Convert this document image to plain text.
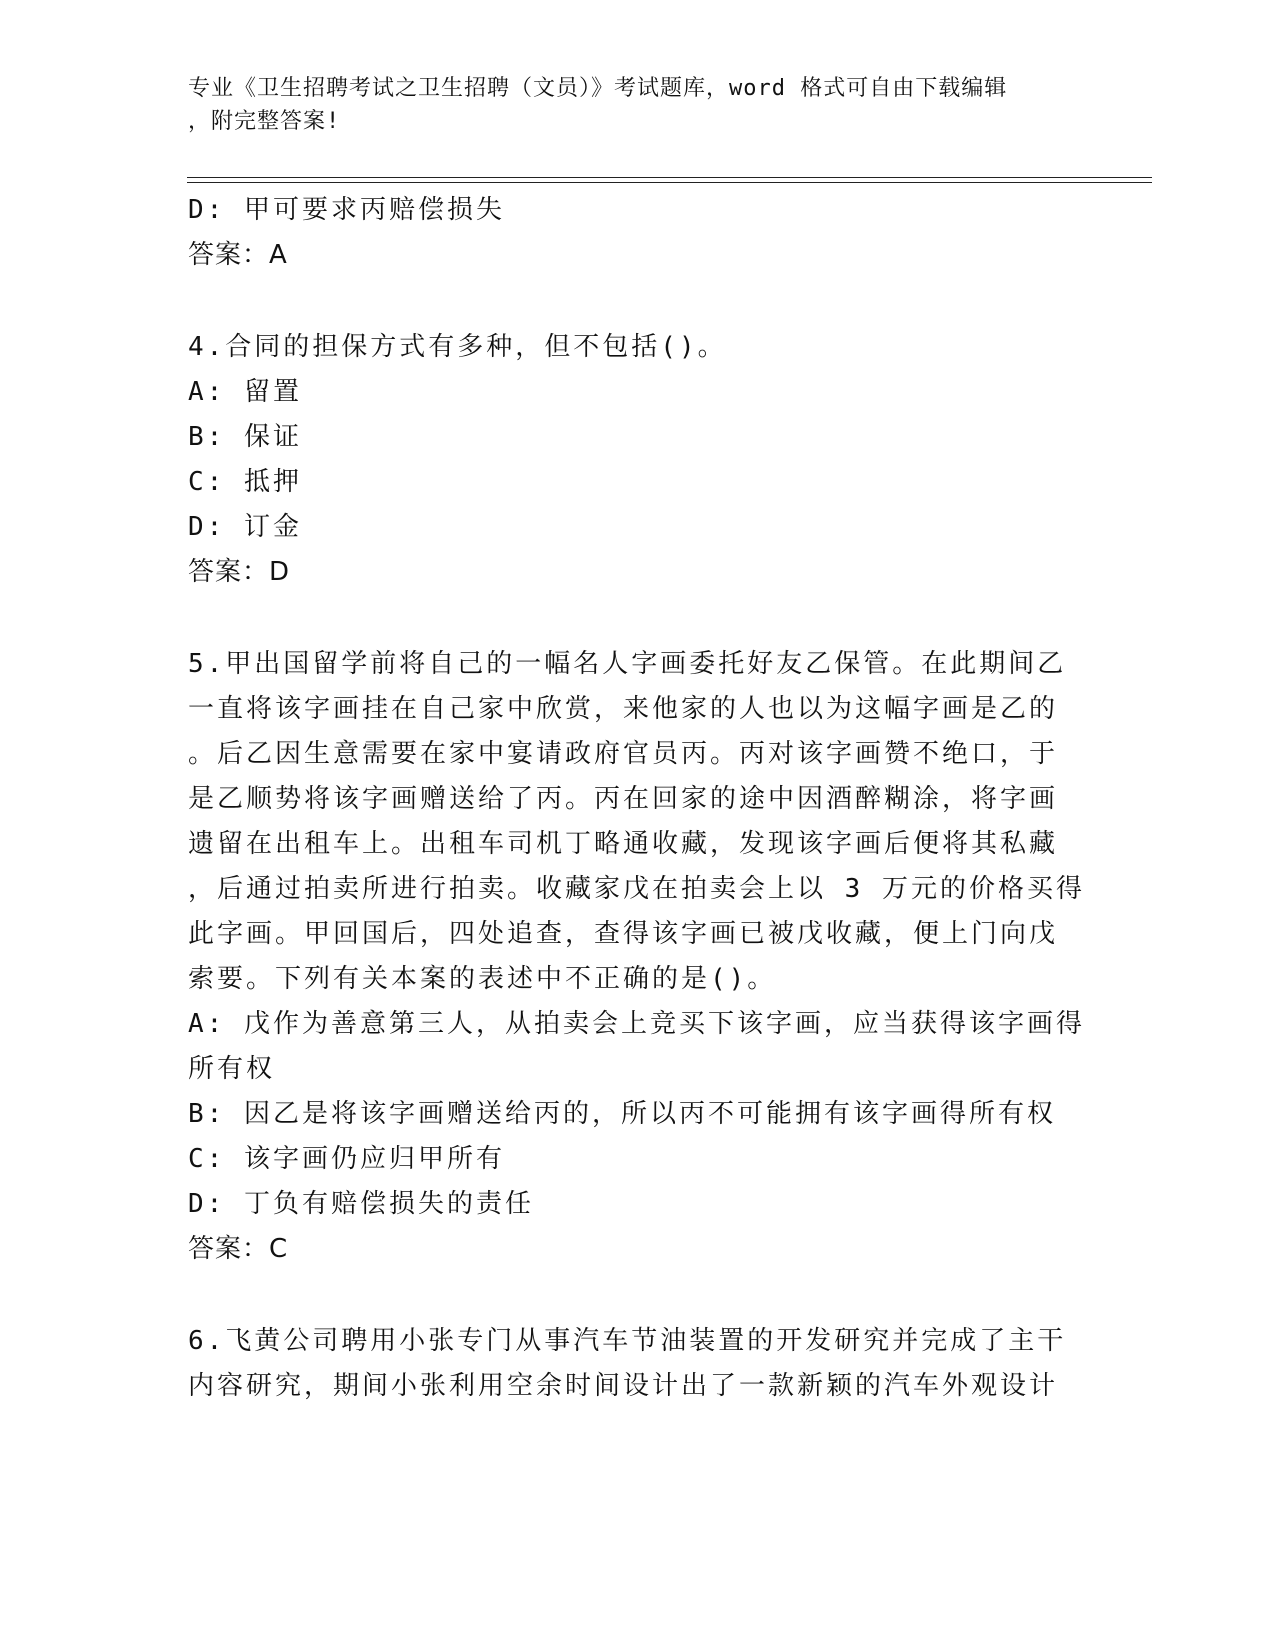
专业《卫生招聘考试之卫生招聘（文员）》考试题库，word 格式可自由下载编辑
，附完整答案!
D: 甲可要求丙赔偿损失
答案：A
4.合同的担保方式有多种，但不包括()。
A: 留置
B: 保证
C: 抵押
D: 订金
答案：D
5.甲出国留学前将自己的一幅名人字画委托好友乙保管。在此期间乙
一直将该字画挂在自己家中欣赏，来他家的人也以为这幅字画是乙的
。后乙因生意需要在家中宴请政府官员丙。丙对该字画赞不绝口，于
是乙顺势将该字画赠送给了丙。丙在回家的途中因酒醉糊涂，将字画
遗留在出租车上。出租车司机丁略通收藏，发现该字画后便将其私藏
，后通过拍卖所进行拍卖。收藏家戊在拍卖会上以 3 万元的价格买得
此字画。甲回国后，四处追查，查得该字画已被戊收藏，便上门向戊
索要。下列有关本案的表述中不正确的是()。
A: 戊作为善意第三人，从拍卖会上竞买下该字画，应当获得该字画得
所有权
B: 因乙是将该字画赠送给丙的，所以丙不可能拥有该字画得所有权
C: 该字画仍应归甲所有
D: 丁负有赔偿损失的责任
答案：C
6.飞黄公司聘用小张专门从事汽车节油装置的开发研究并完成了主干
内容研究，期间小张利用空余时间设计出了一款新颖的汽车外观设计
